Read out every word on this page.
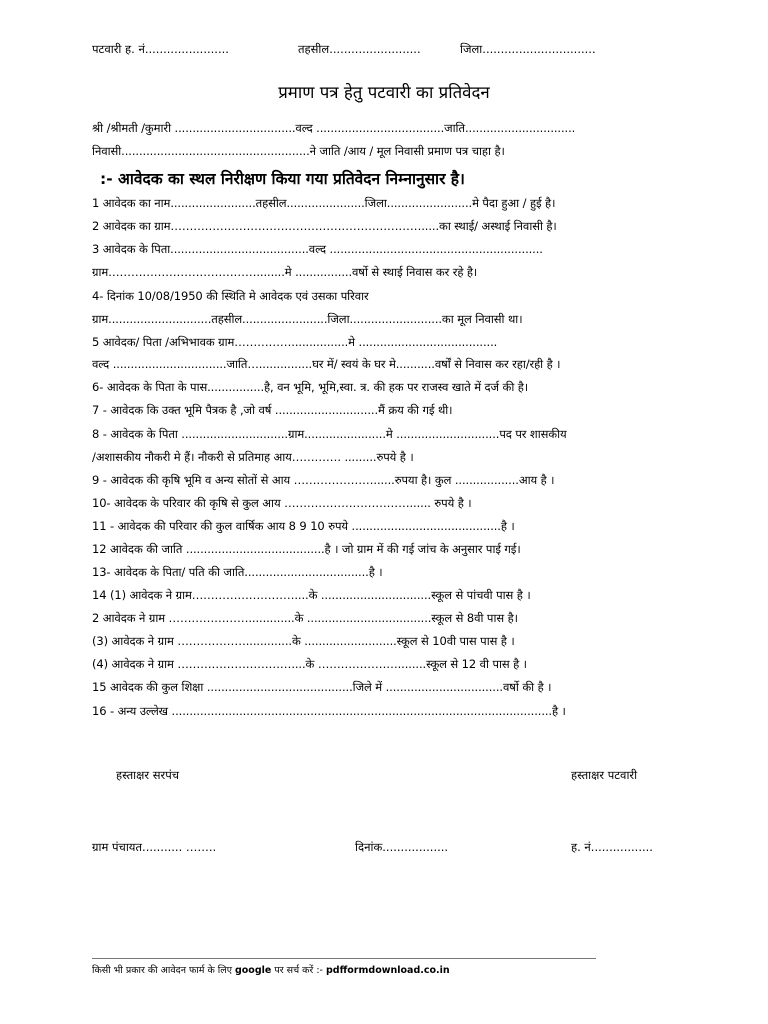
पटवारी ह. नं.......................	तहसील.........................	जिला...............................
प्रमाण पत्र हेतु पटवारी का प्रतिवेदन
श्री /श्रीमती /कुमारी ..................................वल्द ....................................जाति...............................
निवासी.....................................................ने जाति /आय / मूल निवासी प्रमाण पत्र चाहा है।
:- आवेदक का स्थल निरीक्षण किया गया प्रतिवेदन निम्नानुसार है।
1 आवेदक का नाम........................तहसील......................जिला........................मे पैदा हुआ / हुई है।
2 आवेदक का ग्राम………………………………………………………….....का स्थाई/ अस्थाई निवासी है।
3 आवेदक के पिता.......................................वल्द ............................................................
ग्राम…………………………………........मे ................वर्षो से स्थाई निवास कर रहे है।
4- दिनांक 10/08/1950 की स्थिति मे आवेदक एवं उसका परिवार
ग्राम.............................तहसील........................जिला..........................का मूल निवासी था।
5 आवेदक/ पिता /अभिभावक ग्राम……………................मे .......................................
वल्द ................................जाति…...............घर में/ स्वयं के घर मे...........वर्षों से निवास कर रहा/रही है ।
6- आवेदक के पिता के पास................है, वन भूमि, भूमि,स्वा. त्र. की हक पर राजस्व खाते में दर्ज की है।
7 - आवेदक कि उक्त भूमि पैत्रक है ,जो वर्ष .............................मैं क्रय की गई थी।
8 - आवेदक के पिता ..............................ग्राम.......................मे .............................पद पर शासकीय
/अशासकीय नौकरी मे हैं। नौकरी से प्रतिमाह आय…………. .........रुपये है ।
9 - आवेदक की कृषि भूमि व अन्य सोतों से आय …………………......रुपया है। कुल ..................आय है ।
10- आवेदक के परिवार की कृषि से कुल आय ……………………………...... रुपये है ।
11 - आवेदक की परिवार की कुल वार्षिक आय 8 9 10 रुपये ..........................................है ।
12 आवेदक की जाति .......................................है । जो ग्राम में की गई जांच के अनुसार पाई गई।
13- आवेदक के पिता/ पति की जाति...................................है ।
14 (1) आवेदक ने ग्राम………………………....के ...............................स्कूल से पांचवी पास है ।
2 आवेदक ने ग्राम ………………….............के ...................................स्कूल से 8वी पास है।
(3) आवेदक ने ग्राम ……………….............के ..........................स्कूल से 10वी पास पास है ।
(4) आवेदक ने ग्राम …………………………....के …………………........स्कूल से 12 वी पास है ।
15 आवेदक की कुल शिक्षा .........................................जिले में .................................वर्षो की है ।
16 - अन्य उल्लेख ...........................................................................................................है ।
हस्ताक्षर सरपंच	हस्ताक्षर पटवारी
ग्राम पंचायत........... ……..	दिनांक..................	ह. नं.................
किसी भी प्रकार की आवेदन फार्म के लिए google पर सर्च करें :- pdfformdownload.co.in
